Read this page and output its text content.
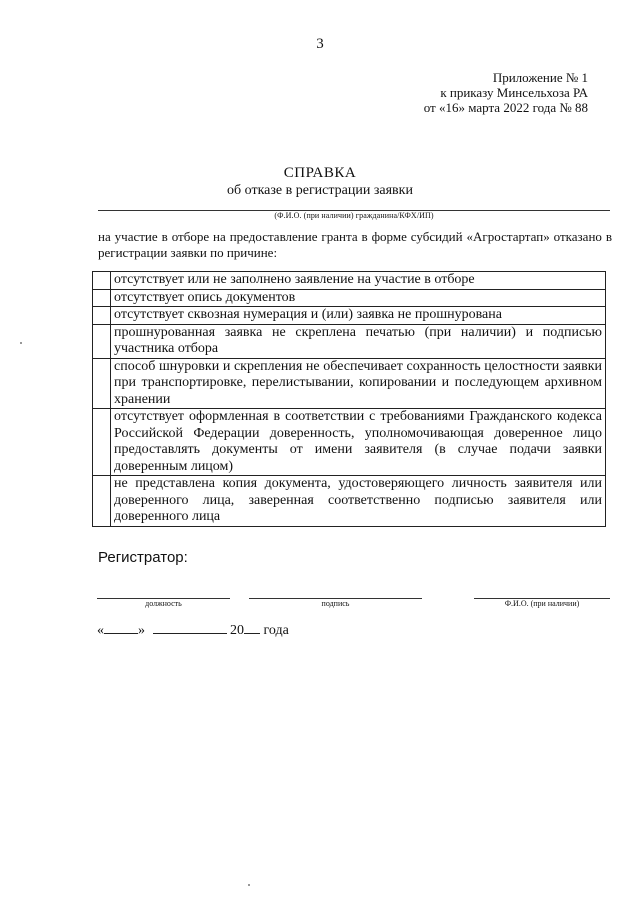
3
Приложение № 1
к приказу Минсельхоза РА
от «16» марта 2022 года № 88
СПРАВКА
об отказе в регистрации заявки
(Ф.И.О. (при наличии) гражданина/КФХ/ИП)
на участие в отборе на предоставление гранта в форме субсидий «Агростартап» отказано в регистрации заявки по причине:
	отсутствует или не заполнено заявление на участие в отборе
	отсутствует опись документов
	отсутствует сквозная нумерация и (или) заявка не прошнурована
	прошнурованная заявка не скреплена печатью (при наличии) и подписью участника отбора
	способ шнуровки и скрепления не обеспечивает сохранность целостности заявки при транспортировке, перелистывании, копировании и последующем архивном хранении
	отсутствует оформленная в соответствии с требованиями Гражданского кодекса Российской Федерации доверенность, уполномочивающая доверенное лицо предоставлять документы от имени заявителя (в случае подачи заявки доверенным лицом)
	не представлена копия документа, удостоверяющего личность заявителя или доверенного лица, заверенная соответственно подписью заявителя или доверенного лица
Регистратор:
должность	подпись	Ф.И.О. (при наличии)
« »	20 года
